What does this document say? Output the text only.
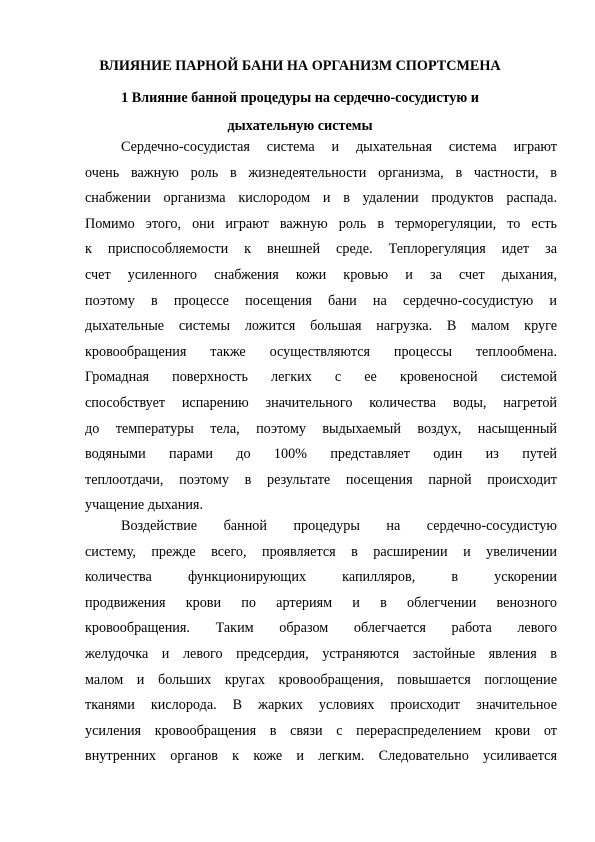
ВЛИЯНИЕ ПАРНОЙ БАНИ НА ОРГАНИЗМ СПОРТСМЕНА
1 Влияние банной процедуры на сердечно-сосудистую и
дыхательную системы
Сердечно-сосудистая система и дыхательная система играют
очень важную роль в жизнедеятельности организма, в частности, в
снабжении организма кислородом и в удалении продуктов распада.
Помимо этого, они играют важную роль в терморегуляции, то есть
к приспособляемости к внешней среде. Теплорегуляция идет за
счет усиленного снабжения кожи кровью и за счет дыхания,
поэтому в процессе посещения бани на сердечно-сосудистую и
дыхательные системы ложится большая нагрузка. В малом круге
кровообращения также осуществляются процессы теплообмена.
Громадная поверхность легких с ее кровеносной системой
способствует испарению значительного количества воды, нагретой
до температуры тела, поэтому выдыхаемый воздух, насыщенный
водяными парами до 100% представляет один из путей
теплоотдачи, поэтому в результате посещения парной происходит
учащение дыхания.
Воздействие банной процедуры на сердечно-сосудистую
систему, прежде всего, проявляется в расширении и увеличении
количества функционирующих капилляров, в ускорении
продвижения крови по артериям и в облегчении венозного
кровообращения. Таким образом облегчается работа левого
желудочка и левого предсердия, устраняются застойные явления в
малом и больших кругах кровообращения, повышается поглощение
тканями кислорода. В жарких условиях происходит значительное
усиления кровообращения в связи с перераспределением крови от
внутренних органов к коже и легким. Следовательно усиливается
